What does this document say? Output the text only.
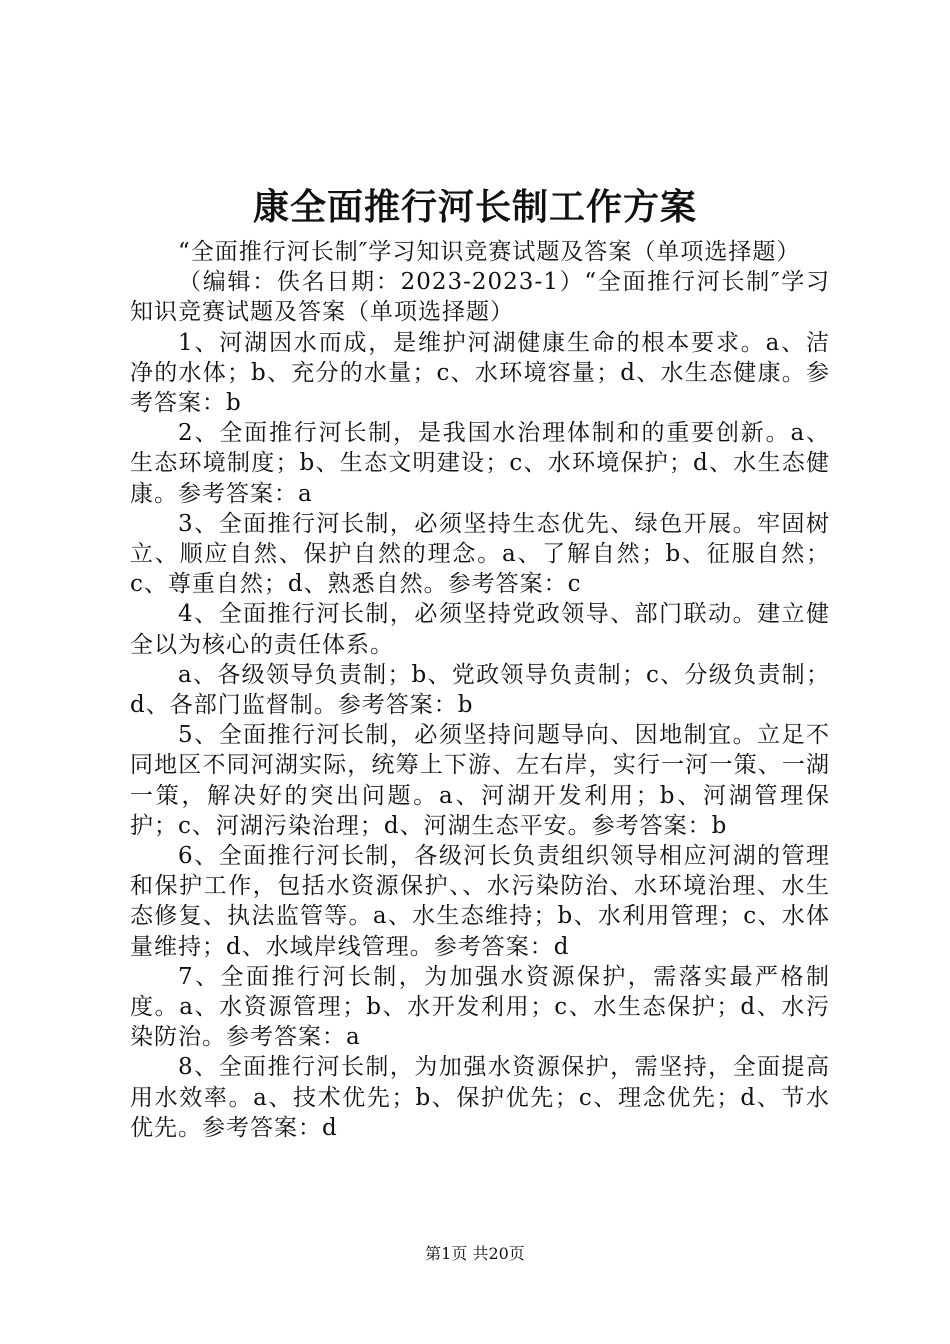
康全面推行河长制工作方案

“全面推行河长制″学习知识竞赛试题及答案（单项选择题）

（编辑：佚名日期：2023-2023-1）“全面推行河长制″学习知识竞赛试题及答案（单项选择题）

1、河湖因水而成，是维护河湖健康生命的根本要求。a、洁净的水体；b、充分的水量；c、水环境容量；d、水生态健康。参考答案：b

2、全面推行河长制，是我国水治理体制和的重要创新。a、生态环境制度；b、生态文明建设；c、水环境保护；d、水生态健康。参考答案：a

3、全面推行河长制，必须坚持生态优先、绿色开展。牢固树立、顺应自然、保护自然的理念。a、了解自然；b、征服自然；c、尊重自然；d、熟悉自然。参考答案：c

4、全面推行河长制，必须坚持党政领导、部门联动。建立健全以为核心的责任体系。

a、各级领导负责制；b、党政领导负责制；c、分级负责制；d、各部门监督制。参考答案：b

5、全面推行河长制，必须坚持问题导向、因地制宜。立足不同地区不同河湖实际，统筹上下游、左右岸，实行一河一策、一湖一策，解决好的突出问题。a、河湖开发利用；b、河湖管理保护；c、河湖污染治理；d、河湖生态平安。参考答案：b

6、全面推行河长制，各级河长负责组织领导相应河湖的管理和保护工作，包括水资源保护、、水污染防治、水环境治理、水生态修复、执法监管等。a、水生态维持；b、水利用管理；c、水体量维持；d、水域岸线管理。参考答案：d

7、全面推行河长制，为加强水资源保护，需落实最严格制度。a、水资源管理；b、水开发利用；c、水生态保护；d、水污染防治。参考答案：a

8、全面推行河长制，为加强水资源保护，需坚持，全面提高用水效率。a、技术优先；b、保护优先；c、理念优先；d、节水优先。参考答案：d

第1页 共20页
